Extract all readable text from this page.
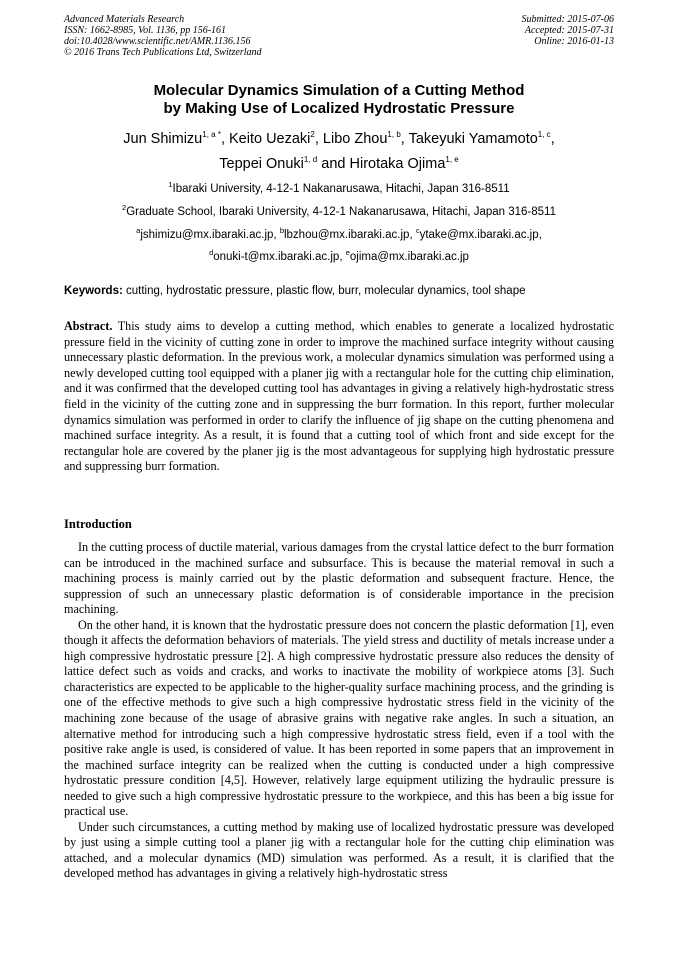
Advanced Materials Research
ISSN: 1662-8985, Vol. 1136, pp 156-161
doi:10.4028/www.scientific.net/AMR.1136.156
© 2016 Trans Tech Publications Ltd, Switzerland
Submitted: 2015-07-06
Accepted: 2015-07-31
Online: 2016-01-13
Molecular Dynamics Simulation of a Cutting Method
by Making Use of Localized Hydrostatic Pressure
Jun Shimizu$^{1, a *}$, Keito Uezaki$^2$, Libo Zhou$^{1, b}$, Takeyuki Yamamoto$^{1, c}$,
Teppei Onuki$^{1, d}$ and Hirotaka Ojima$^{1, e}$
$^1$Ibaraki University, 4-12-1 Nakanarusawa, Hitachi, Japan 316-8511
$^2$Graduate School, Ibaraki University, 4-12-1 Nakanarusawa, Hitachi, Japan 316-8511
$^a$jshimizu@mx.ibaraki.ac.jp, $^b$lbzhou@mx.ibaraki.ac.jp, $^c$ytake@mx.ibaraki.ac.jp,
$^d$onuki-t@mx.ibaraki.ac.jp, $^e$ojima@mx.ibaraki.ac.jp
Keywords: cutting, hydrostatic pressure, plastic flow, burr, molecular dynamics, tool shape
Abstract. This study aims to develop a cutting method, which enables to generate a localized hydrostatic pressure field in the vicinity of cutting zone in order to improve the machined surface integrity without causing unnecessary plastic deformation. In the previous work, a molecular dynamics simulation was performed using a newly developed cutting tool equipped with a planer jig with a rectangular hole for the cutting chip elimination, and it was confirmed that the developed cutting tool has advantages in giving a relatively high-hydrostatic stress field in the vicinity of the cutting zone and in suppressing the burr formation. In this report, further molecular dynamics simulation was performed in order to clarify the influence of jig shape on the cutting phenomena and machined surface integrity. As a result, it is found that a cutting tool of which front and side except for the rectangular hole are covered by the planer jig is the most advantageous for supplying high hydrostatic pressure and suppressing burr formation.
Introduction

In the cutting process of ductile material, various damages from the crystal lattice defect to the burr formation can be introduced in the machined surface and subsurface. This is because the material removal in such a machining process is mainly carried out by the plastic deformation and subsequent fracture. Hence, the suppression of such an unnecessary plastic deformation is of considerable importance in the precision machining.

On the other hand, it is known that the hydrostatic pressure does not concern the plastic deformation [1], even though it affects the deformation behaviors of materials. The yield stress and ductility of metals increase under a high compressive hydrostatic pressure [2]. A high compressive hydrostatic pressure also reduces the density of lattice defect such as voids and cracks, and works to inactivate the mobility of workpiece atoms [3]. Such characteristics are expected to be applicable to the higher-quality surface machining process, and the grinding is one of the effective methods to give such a high compressive hydrostatic stress field in the vicinity of the machining zone because of the usage of abrasive grains with negative rake angles. In such a situation, an alternative method for introducing such a high compressive hydrostatic stress field, even if a tool with the positive rake angle is used, is considered of value. It has been reported in some papers that an improvement in the machined surface integrity can be realized when the cutting is conducted under a high compressive hydrostatic pressure condition [4,5]. However, relatively large equipment utilizing the hydraulic pressure is needed to give such a high compressive hydrostatic pressure to the workpiece, and this has been a big issue for practical use.

Under such circumstances, a cutting method by making use of localized hydrostatic pressure was developed by just using a simple cutting tool a planer jig with a rectangular hole for the cutting chip elimination was attached, and a molecular dynamics (MD) simulation was performed. As a result, it is clarified that the developed method has advantages in giving a relatively high-hydrostatic stress
